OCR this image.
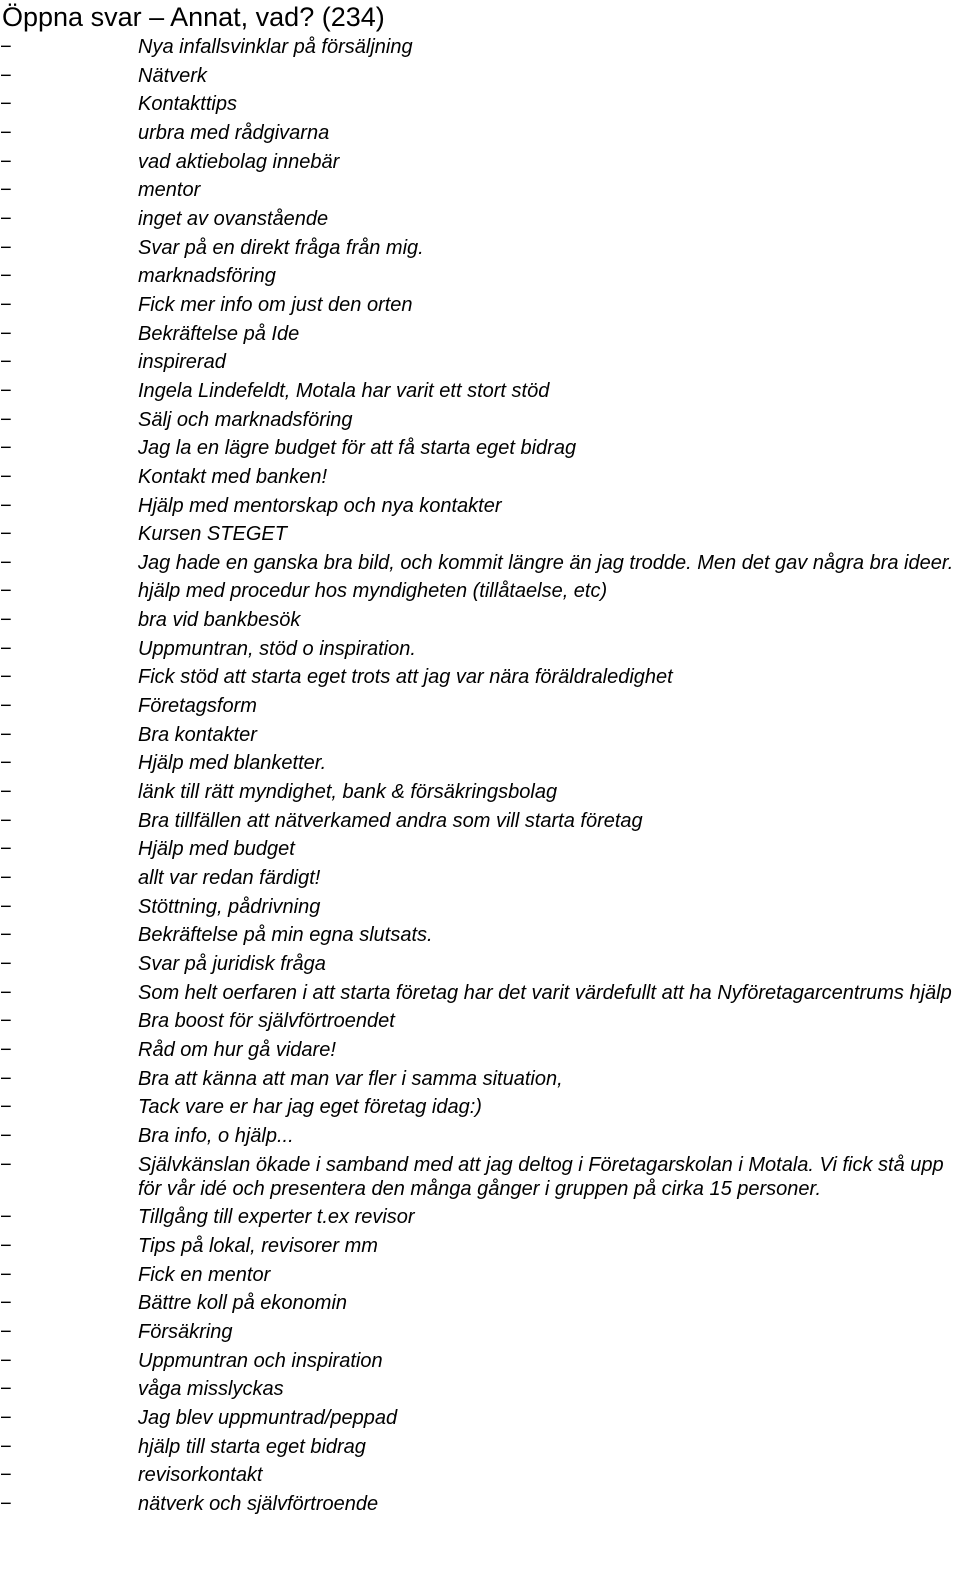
Öppna svar – Annat, vad? (234)
−	Nya infallsvinklar på försäljning
−	Nätverk
−	Kontakttips
−	urbra med rådgivarna
−	vad aktiebolag innebär
−	mentor
−	inget av ovanstående
−	Svar på en direkt fråga från mig.
−	marknadsföring
−	Fick mer info om just den orten
−	Bekräftelse på Ide
−	inspirerad
−	Ingela Lindefeldt, Motala har varit ett stort stöd
−	Sälj och marknadsföring
−	Jag la en lägre budget för att få starta eget bidrag
−	Kontakt med banken!
−	Hjälp med mentorskap och nya kontakter
−	Kursen STEGET
−	Jag hade en ganska bra bild, och kommit längre än jag trodde. Men det gav några bra ideer.
−	hjälp med procedur hos myndigheten (tillåtaelse, etc)
−	bra vid bankbesök
−	Uppmuntran, stöd o inspiration.
−	Fick stöd att starta eget trots att jag var nära föräldraledighet
−	Företagsform
−	Bra kontakter
−	Hjälp med blanketter.
−	länk till rätt myndighet, bank & försäkringsbolag
−	Bra tillfällen att nätverkamed andra som vill starta företag
−	Hjälp med budget
−	allt var redan färdigt!
−	Stöttning, pådrivning
−	Bekräftelse på min egna slutsats.
−	Svar på juridisk fråga
−	Som helt oerfaren i att starta företag har det varit värdefullt att ha Nyföretagarcentrums hjälp
−	Bra boost för självförtroendet
−	Råd om hur gå vidare!
−	Bra att känna att man var fler i samma situation,
−	Tack vare er har jag eget företag idag:)
−	Bra info, o hjälp...
−	Självkänslan ökade i samband med att jag deltog i Företagarskolan i Motala. Vi fick stå upp för vår idé och presentera den många gånger i gruppen på cirka 15 personer.
−	Tillgång till experter t.ex revisor
−	Tips på lokal, revisorer mm
−	Fick en mentor
−	Bättre koll på ekonomin
−	Försäkring
−	Uppmuntran och inspiration
−	våga misslyckas
−	Jag blev uppmuntrad/peppad
−	hjälp till starta eget bidrag
−	revisorkontakt
−	nätverk och självförtroende
